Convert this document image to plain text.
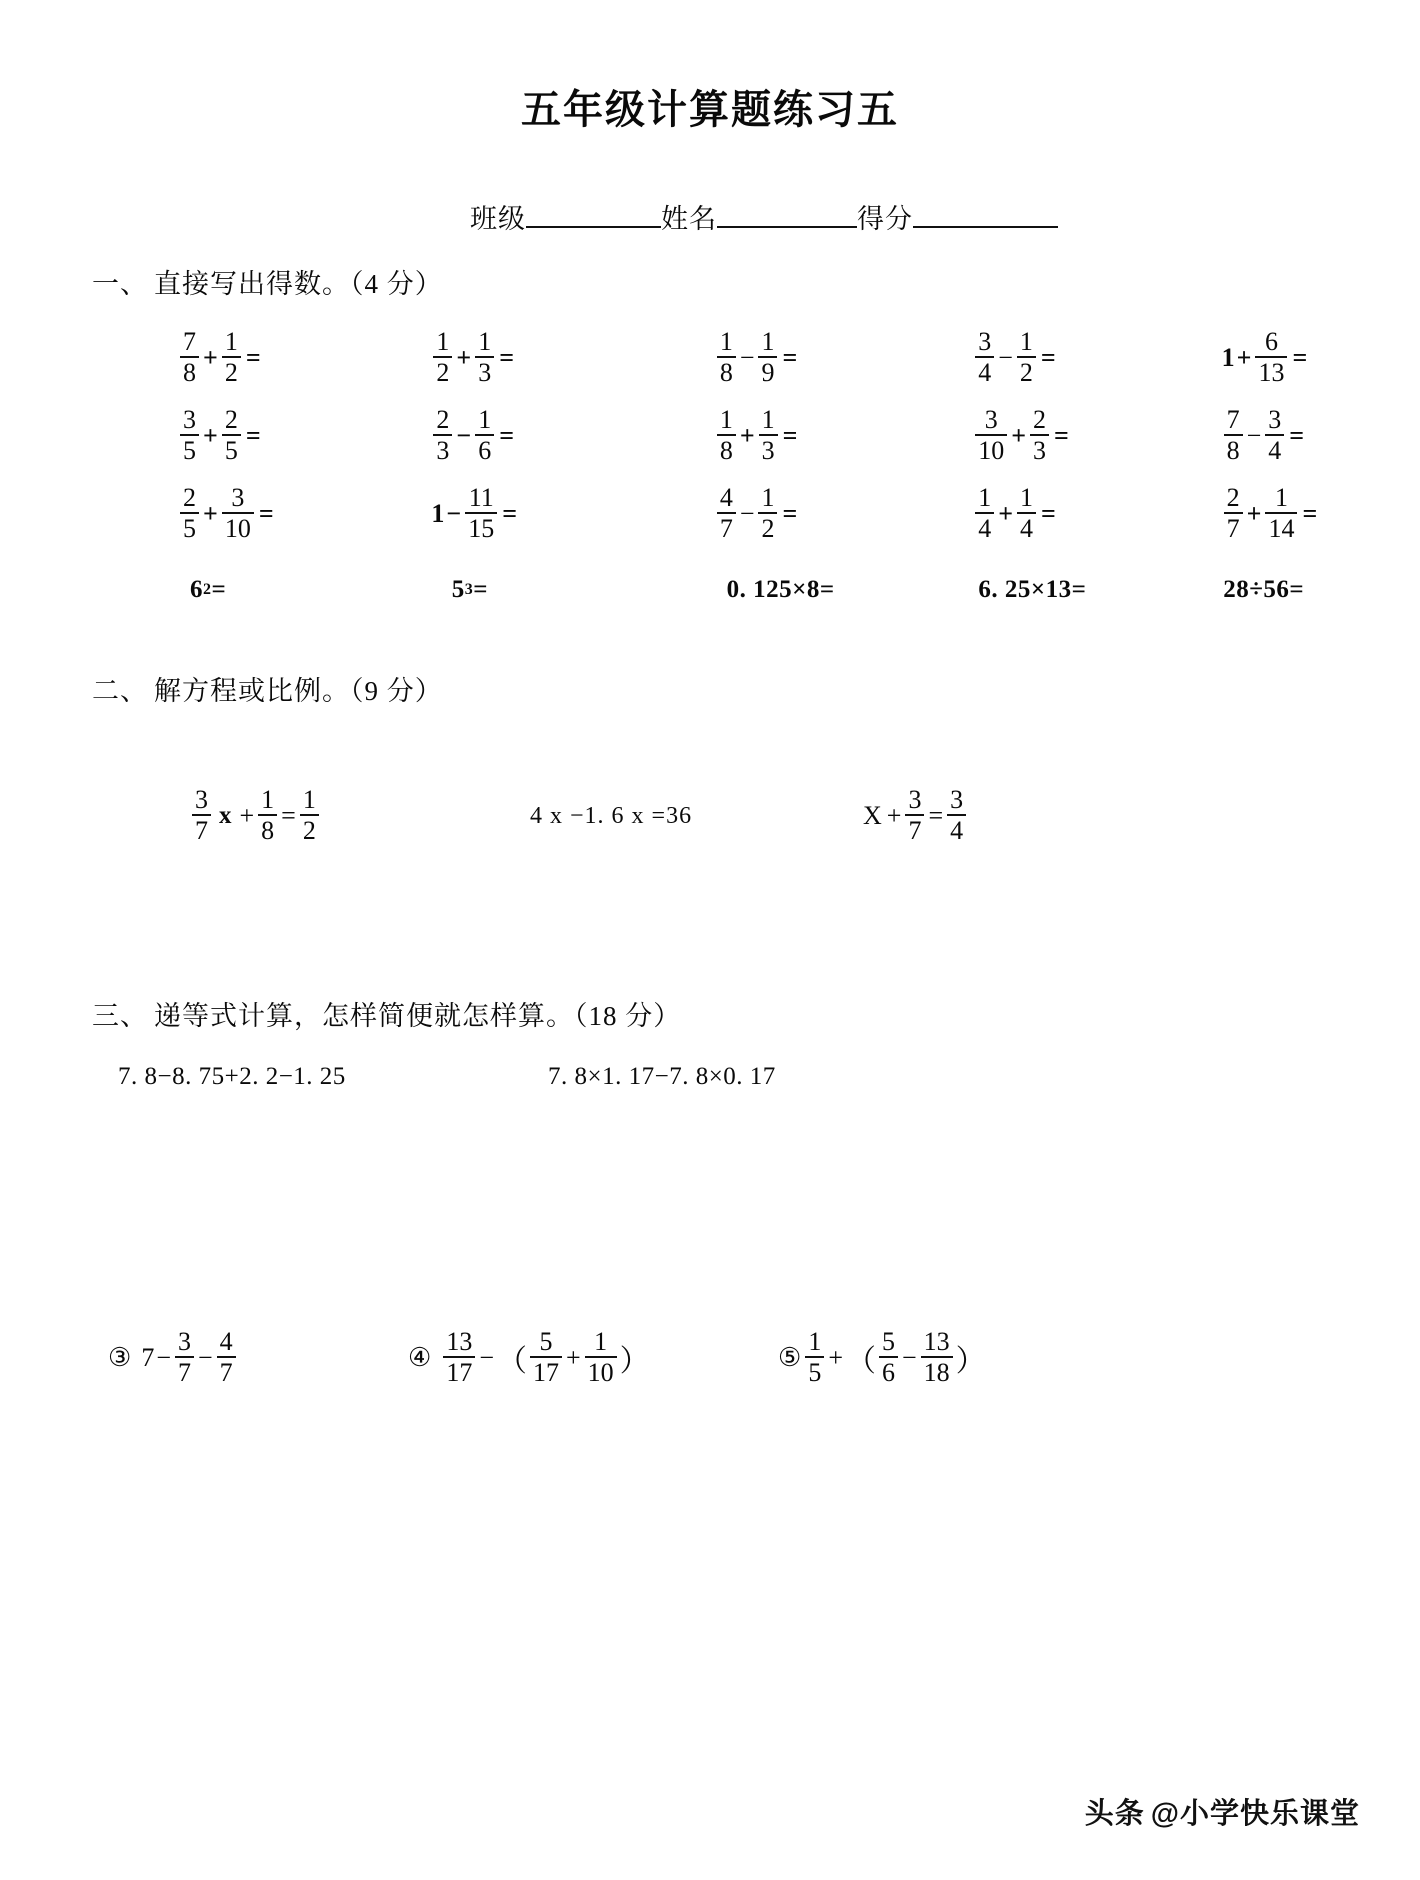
五年级计算题练习五
班级	姓名	得分
一、 直接写出得数。（4 分）
$\frac{7}{8} + \frac{1}{2}$ =	$\frac{1}{2} + \frac{1}{3}$ =	$\frac{1}{8} - \frac{1}{9}$ =	$\frac{3}{4} - \frac{1}{2}$ =	$1 + \frac{6}{13}$ =
$\frac{3}{5} + \frac{2}{5}$ =	$\frac{2}{3} - \frac{1}{6}$ =	$\frac{1}{8} + \frac{1}{3}$ =	$\frac{3}{10} + \frac{2}{3}$ =	$\frac{7}{8} - \frac{3}{4}$ =
$\frac{2}{5} + \frac{3}{10}$ =	$1 - \frac{11}{15}$ =	$\frac{4}{7} - \frac{1}{2}$ =	$\frac{1}{4} + \frac{1}{4}$ =	$\frac{2}{7} + \frac{1}{14}$ =
6 2 =	5 3 =	0. 125×8=	6. 25×13=	28÷56=
二、 解方程或比例。（9 分）
$\frac{3}{7}$ $x + \frac{1}{8} = \frac{1}{2}$	4 x −1. 6 x =36	$X + \frac{3}{7} = \frac{3}{4}$
三、 递等式计算，怎样简便就怎样算。（18 分）
7. 8−8. 75+2. 2−1. 25	7. 8×1. 17−7. 8×0. 17
③ $7 - \frac{3}{7} - \frac{4}{7}$	④ $\frac{13}{17}$ − （ $\frac{5}{17} + \frac{1}{10}$ ）	⑤ $\frac{1}{5}$ + （ $\frac{5}{6} - \frac{13}{18}$ ）
头条 @小学快乐课堂
